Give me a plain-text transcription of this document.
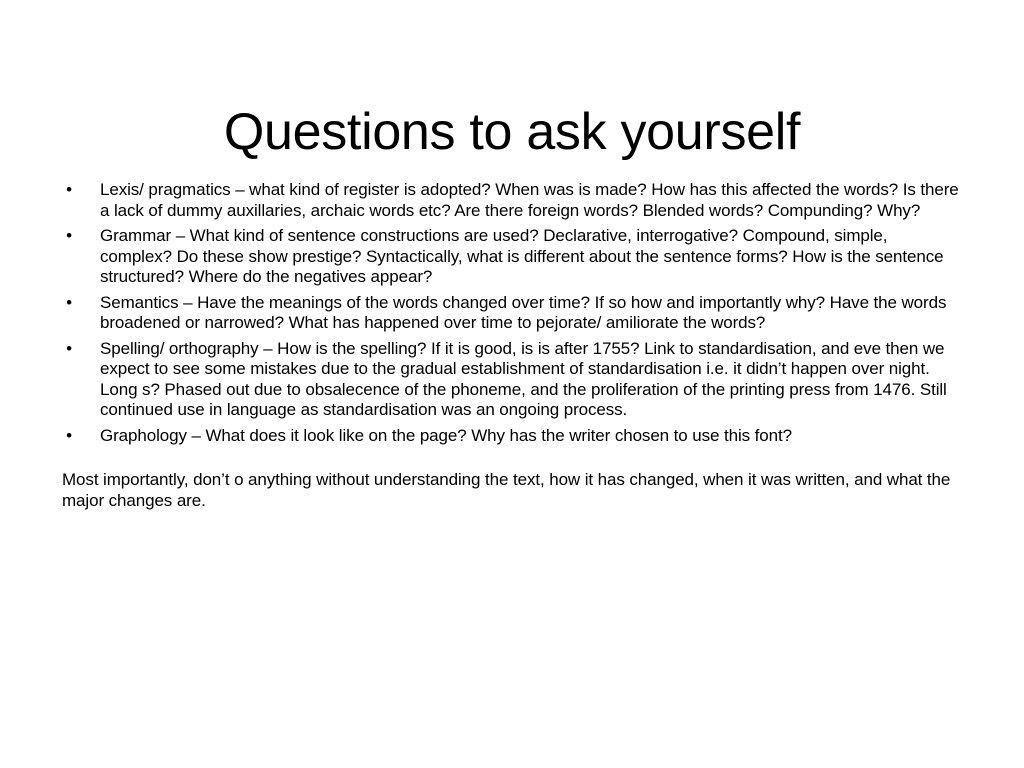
Questions to ask yourself
• Lexis/ pragmatics – what kind of register is adopted? When was is made? How has this affected the words? Is there a lack of dummy auxillaries, archaic words etc? Are there foreign words? Blended words? Compunding? Why?
• Grammar – What kind of sentence constructions are used? Declarative, interrogative? Compound, simple, complex? Do these show prestige? Syntactically, what is different about the sentence forms? How is the sentence structured? Where do the negatives appear?
• Semantics – Have the meanings of the words changed over time? If so how and importantly why? Have the words broadened or narrowed? What has happened over time to pejorate/ amiliorate the words?
• Spelling/ orthography – How is the spelling? If it is good, is is after 1755? Link to standardisation, and eve then we expect to see some mistakes due to the gradual establishment of standardisation i.e. it didn’t happen over night. Long s? Phased out due to obsalecence of the phoneme, and the proliferation of the printing press from 1476. Still continued use in language as standardisation was an ongoing process.
• Graphology – What does it look like on the page? Why has the writer chosen to use this font?

Most importantly, don’t o anything without understanding the text, how it has changed, when it was written, and what the major changes are.
